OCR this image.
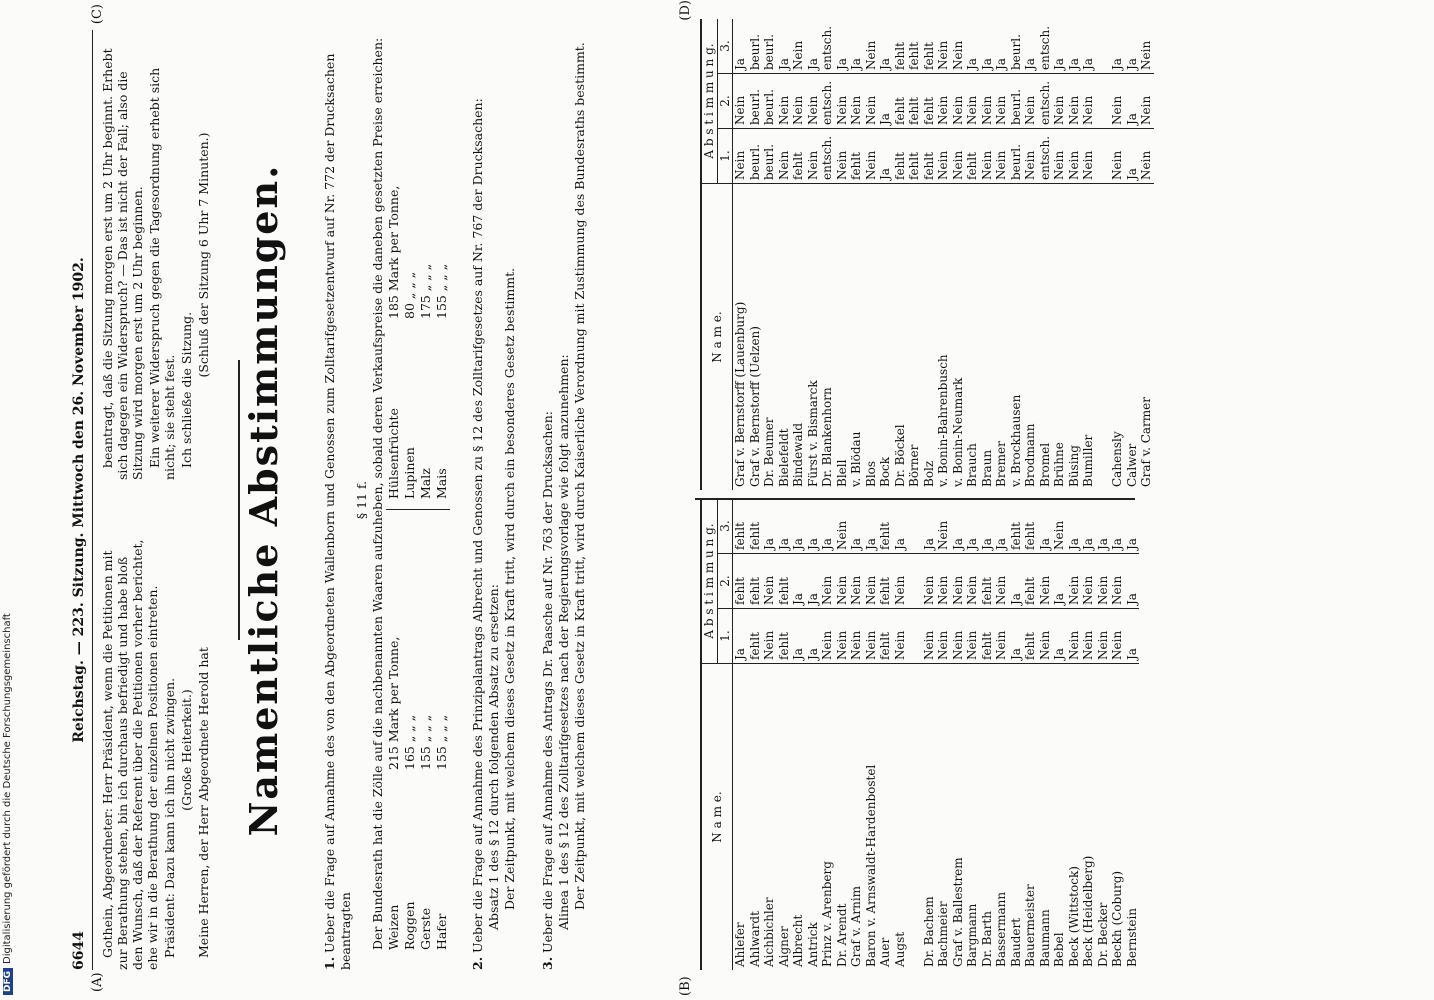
6644
Reichstag. — 223. Sitzung. Mittwoch den 26. November 1902.
(A)
(C)

Gothein, Abgeordneter: Herr Präsident, wenn die Petitionen mit zur Berathung stehen, bin ich durchaus befriedigt und habe bloß den Wunsch, daß der Referent über die Petitionen vorher berichtet, ehe wir in die Berathung der einzelnen Positionen eintreten. Präsident: Dazu kann ich ihn nicht zwingen. (Große Heiterkeit.) Meine Herren, der Herr Abgeordnete Herold hat

beantragt, daß die Sitzung morgen erst um 2 Uhr beginnt. Erhebt sich dagegen ein Widerspruch? — Das ist nicht der Fall; also die Sitzung wird morgen erst um 2 Uhr beginnen. Ein weiterer Widerspruch gegen die Tagesordnung erhebt sich nicht; sie steht fest. Ich schließe die Sitzung.

(Schluß der Sitzung 6 Uhr 7 Minuten.) Namentliche Abstimmungen.
1. Ueber die Frage auf Annahme des von den Abgeordneten Wallenborn und Genossen zum Zolltarifgesetzentwurf auf Nr. 772 der Drucksachen beantragten
§ 11 f. Der Bundesrath hat die Zölle auf die nachbenannten Waaren aufzuheben, sobald deren Verkaufspreise die daneben gesetzten Preise erreichen: Weizen
215 Mark per Tonne,
Roggen
165 „ „ „
Gerste
155 „ „ „
Hafer
155 „ „ „
Hülsenfrüchte
185 Mark per Tonne,
Lupinen
80 „ „ „
Malz
175 „ „ „
Mais
155 „ „ „
2. Ueber die Frage auf Annahme des Prinzipalantrags Albrecht und Genossen zu § 12 des Zolltarifgesetzes auf Nr. 767 der Drucksachen: Absatz 1 des § 12 durch folgenden Absatz zu ersetzen: Der Zeitpunkt, mit welchem dieses Gesetz in Kraft tritt, wird durch ein besonderes Gesetz bestimmt.
3. Ueber die Frage auf Annahme des Antrags Dr. Paasche auf Nr. 763 der Drucksachen: Alinea 1 des § 12 des Zolltarifgesetzes nach der Regierungsvorlage wie folgt anzunehmen: Der Zeitpunkt, mit welchem dieses Gesetz in Kraft tritt, wird durch Kaiserliche Verordnung mit Zustimmung des Bundesraths bestimmt.
(B)
(D)
N a m e.	A b s t i m m u n g.		
	1.	2.	3.
Ahlefer	Ja	fehlt	fehlt
Ahlwardt	fehlt	fehlt	fehlt
Aichbichler	Nein	Nein	Ja
Aigner	fehlt	fehlt	Ja
Albrecht	Ja	Ja	Ja
Antrick	Ja	Ja	Ja
Prinz v. Arenberg	Nein	Nein	Ja
Dr. Arendt	Nein	Nein	Nein
Graf v. Arnim	Nein	Nein	Ja
Baron v. Arnswaldt-Hardenbostel	Nein	Nein	Ja
Auer	fehlt	fehlt	fehlt
Augst	Nein	Nein	Ja

Dr. Bachem	Nein	Nein	Ja
Bachmeier	Nein	Nein	Nein
Graf v. Ballestrem	Nein	Nein	Ja
Bargmann	Nein	Nein	Ja
Dr. Barth	fehlt	fehlt	Ja
Bassermann	Nein	Nein	Ja
Baudert	Ja	Ja	fehlt
Bauermeister	fehlt	fehlt	fehlt
Baumann	Nein	Nein	Ja
Bebel	Ja	Ja	Nein
Beck (Wittstock)	Nein	Nein	Ja
Beck (Heidelberg)	Nein	Nein	Ja
Dr. Becker	Nein	Nein	Ja
Beckh (Coburg)	Nein	Nein	Ja
Bernstein	Ja	Ja	Ja
N a m e.	A b s t i m m u n g.		
	1.	2.	3.
Graf v. Bernstorff (Lauenburg)	Nein	Nein	Ja
Graf v. Bernstorff (Uelzen)	beurl.	beurl.	beurl.
Dr. Beumer	beurl.	beurl.	beurl.
Bielefeldt	Nein	Nein	Ja
Bindewald	fehlt	Nein	Nein
Fürst v. Bismarck	Nein	Nein	Ja
Dr. Blankenhorn	entsch.	entsch.	entsch.
Blell	Nein	Nein	Ja
v. Blödau	fehlt	Nein	Ja
Blos	Nein	Nein	Nein
Bock	Ja	Ja	Ja
Dr. Böckel	fehlt	fehlt	fehlt
Börner	fehlt	fehlt	fehlt
Bolz	fehlt	fehlt	fehlt
v. Bonin-Bahrenbusch	Nein	Nein	Nein
v. Bonin-Neumark	Nein	Nein	Nein
Brauch	fehlt	Nein	Ja
Braun	Nein	Nein	Ja
Bremer	Nein	Nein	Ja
v. Brockhausen	beurl.	beurl.	beurl.
Brodmann	Nein	Nein	Ja
Bromel	entsch.	entsch.	entsch.
Brühne	Nein	Nein	Ja
Büsing	Nein	Nein	Ja
Bumiller	Nein	Nein	Ja

Cahensly	Nein	Nein	Ja
Calwer	Ja	Ja	Ja
Graf v. Carmer	Nein	Nein	Nein
DFGDigitalisierung gefördert durch die Deutsche Forschungsgemeinschaft
